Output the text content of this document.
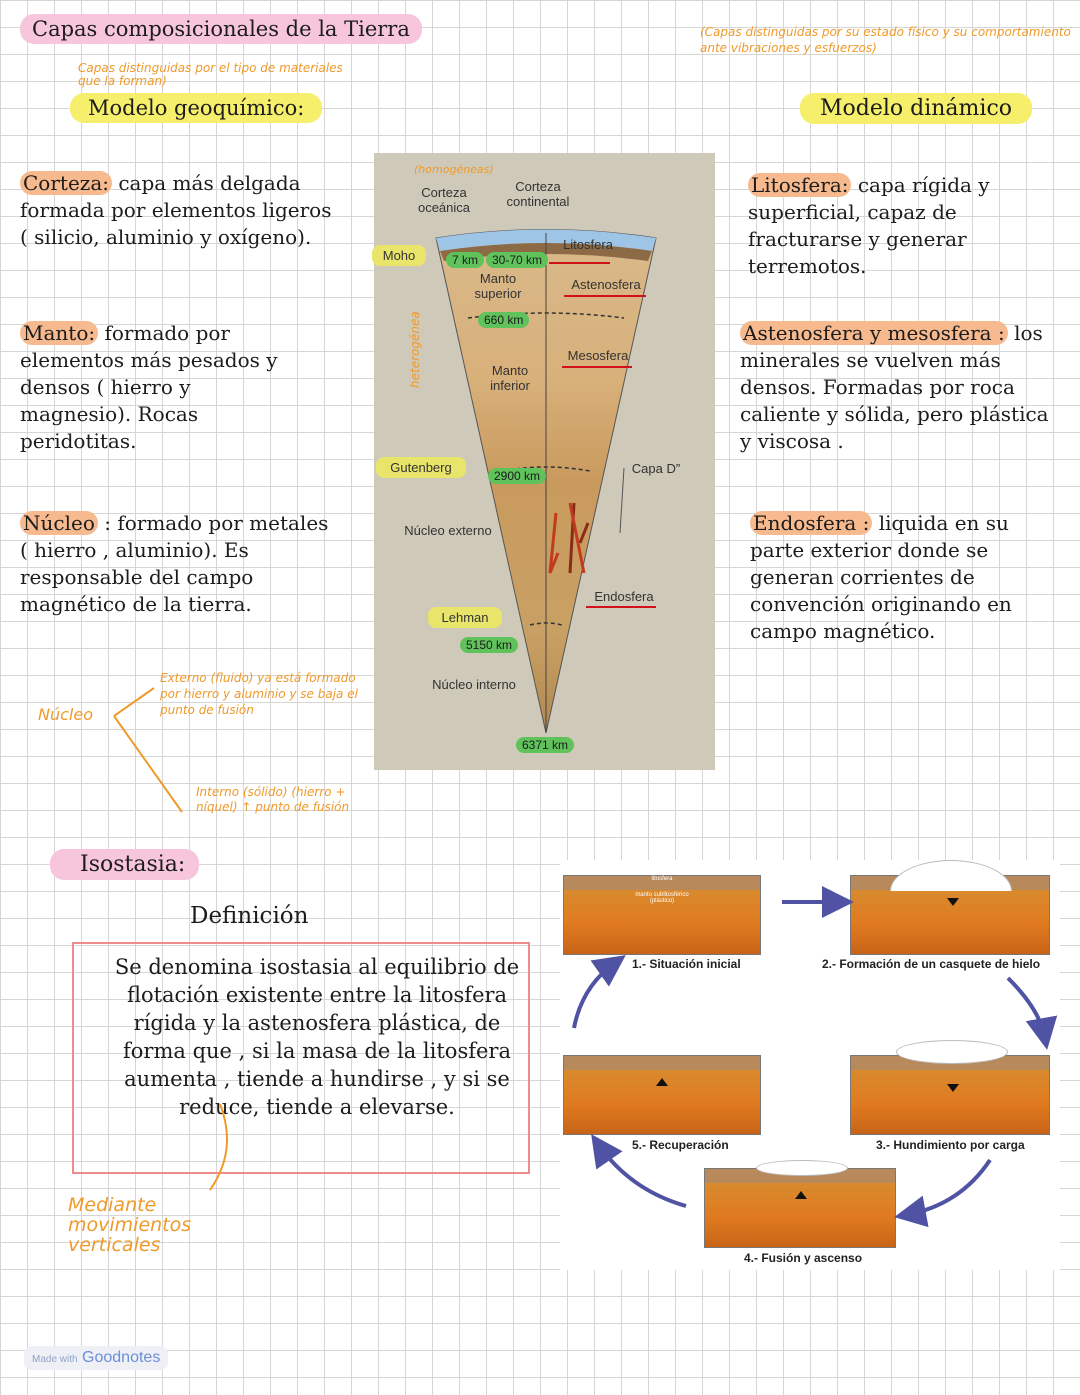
Capas composicionales de la Tierra
Capas distinguidas por el tipo de materiales que la forman)
Modelo geoquímico:
(Capas distinguidas por su estado físico y su comportamiento ante vibraciones y esfuerzos)
Modelo dinámico
Corteza: capa más delgada formada por elementos ligeros ( silicio, aluminio y oxígeno).
Manto: formado por elementos más pesados y densos ( hierro y magnesio). Rocas peridotitas.
Núcleo : formado por metales ( hierro , aluminio). Es responsable del campo magnético de la tierra.
Núcleo
Externo (fluido) ya está formado por hierro y aluminio y se baja el punto de fusión
Interno (sólido) (hierro + níquel) ↑ punto de fusión
Litosfera: capa rígida y superficial, capaz de fracturarse y generar terremotos.
Astenosfera y mesosfera : los minerales se vuelven más densos. Formadas por roca caliente y sólida, pero plástica y viscosa .
Endosfera : liquida en su parte exterior donde se generan corrientes de convención originando en campo magnético.
(homogéneas)
heterogénea
Corteza oceánica
Corteza continental
Moho	7 km	30-70 km
Litosfera
Manto superior
Astenosfera
660 km
Mesosfera
Manto inferior
Gutenberg
2900 km	Capa D”
Núcleo externo
Endosfera
Lehman
5150 km
Núcleo interno
6371 km
Isostasia:
Definición
Se denomina isostasia al equilibrio de flotación existente entre la litosfera rígida y la astenosfera plástica, de forma que , si la masa de la litosfera aumenta , tiende a hundirse , y si se reduce, tiende a elevarse.
Mediante movimientos verticales
litosfera
manto sublitosférico (plástico)
1.- Situación inicial	2.- Formación de un casquete de hielo
3.- Hundimiento por carga
5.- Recuperación
4.- Fusión y ascenso
Made with Goodnotes
